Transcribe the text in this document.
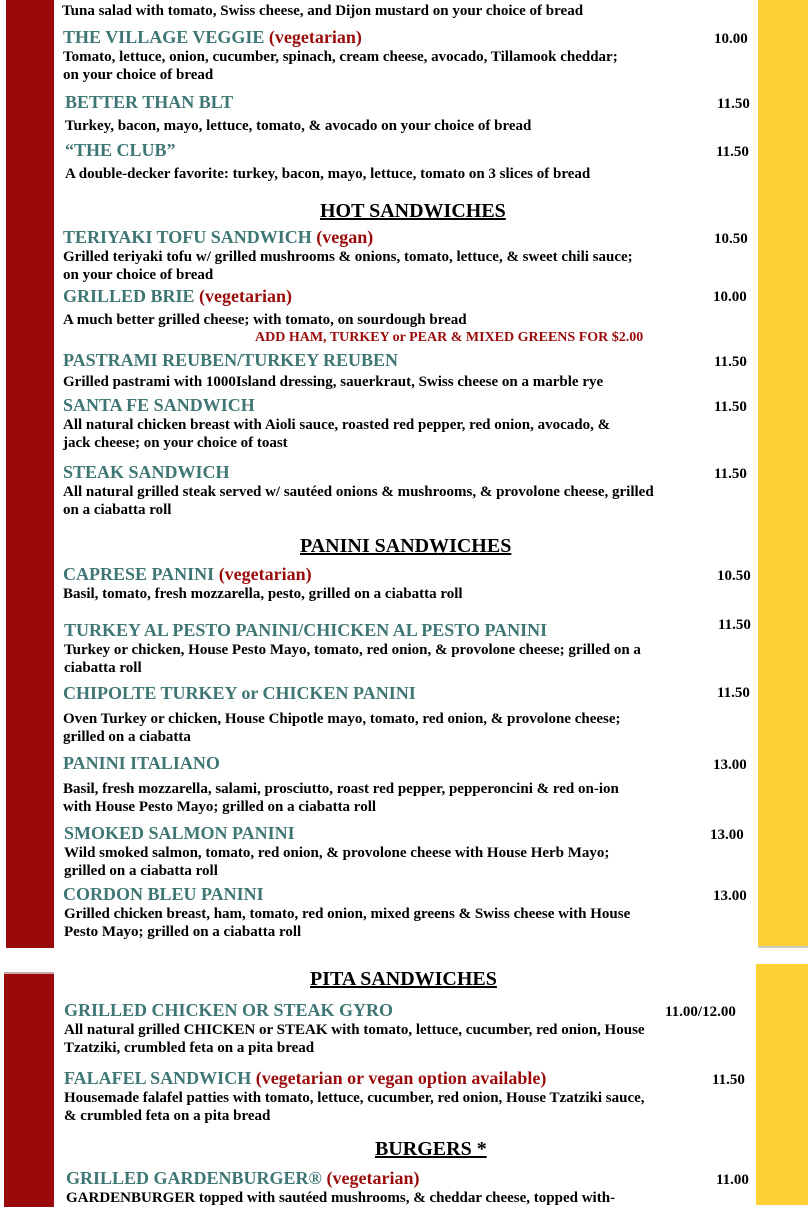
Tuna salad with tomato, Swiss cheese, and Dijon mustard on your choice of bread
THE VILLAGE VEGGIE (vegetarian)
Tomato, lettuce, onion, cucumber, spinach, cream cheese, avocado, Tillamook cheddar; on your choice of bread
10.00
BETTER THAN BLT
Turkey, bacon, mayo, lettuce, tomato, & avocado on your choice of bread
11.50
“THE CLUB”
A double-decker favorite: turkey, bacon, mayo, lettuce, tomato on 3 slices of bread
11.50
HOT SANDWICHES
TERIYAKI TOFU SANDWICH (vegan)
Grilled teriyaki tofu w/ grilled mushrooms & onions, tomato, lettuce, & sweet chili sauce; on your choice of bread
10.50
GRILLED BRIE (vegetarian)
A much better grilled cheese; with tomato, on sourdough bread
10.00
ADD HAM, TURKEY or PEAR & MIXED GREENS FOR $2.00
PASTRAMI REUBEN/TURKEY REUBEN
Grilled pastrami with 1000Island dressing, sauerkraut, Swiss cheese on a marble rye
11.50
SANTA FE SANDWICH
All natural chicken breast with Aioli sauce, roasted red pepper, red onion, avocado, & jack cheese; on your choice of toast
11.50
STEAK SANDWICH
All natural grilled steak served w/ sautéed onions & mushrooms, & provolone cheese, grilled on a ciabatta roll
11.50
PANINI SANDWICHES
CAPRESE PANINI (vegetarian)
Basil, tomato, fresh mozzarella, pesto, grilled on a ciabatta roll
10.50
TURKEY AL PESTO PANINI/CHICKEN AL PESTO PANINI
Turkey or chicken, House Pesto Mayo, tomato, red onion, & provolone cheese; grilled on a ciabatta roll
11.50
CHIPOLTE TURKEY or CHICKEN PANINI
Oven Turkey or chicken, House Chipotle mayo, tomato, red onion, & provolone cheese; grilled on a ciabatta
11.50
PANINI ITALIANO
Basil, fresh mozzarella, salami, prosciutto, roast red pepper, pepperoncini & red on-ion with House Pesto Mayo; grilled on a ciabatta roll
13.00
SMOKED SALMON PANINI
Wild smoked salmon, tomato, red onion, & provolone cheese with House Herb Mayo; grilled on a ciabatta roll
13.00
CORDON BLEU PANINI
Grilled chicken breast, ham, tomato, red onion, mixed greens & Swiss cheese with House Pesto Mayo; grilled on a ciabatta roll
13.00
PITA SANDWICHES
GRILLED CHICKEN OR STEAK GYRO
All natural grilled CHICKEN or STEAK with tomato, lettuce, cucumber, red onion, House Tzatziki, crumbled feta on a pita bread
11.00/12.00
FALAFEL SANDWICH (vegetarian or vegan option available)
Housemade falafel patties with tomato, lettuce, cucumber, red onion, House Tzatziki sauce, & crumbled feta on a pita bread
11.50
BURGERS *
GRILLED GARDENBURGER® (vegetarian)
GARDENBURGER topped with sautéed mushrooms, & cheddar cheese, topped with-
11.00
